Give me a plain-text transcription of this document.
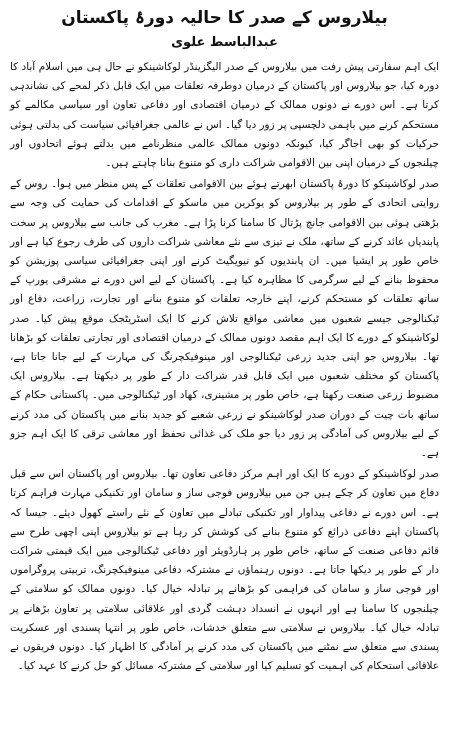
بیلاروس کے صدر کا حالیہ دورۂ پاکستان
عبدالباسط علوی

ایک اہم سفارتی پیش رفت میں بیلاروس کے صدر الیگزینڈر لوکاشینکو نے حال ہی میں اسلام آباد کا دورہ کیا، جو بیلاروس اور پاکستان کے درمیان دوطرفہ تعلقات میں ایک قابل ذکر لمحے کی نشاندہی کرتا ہے۔ اس دورے نے دونوں ممالک کے درمیان اقتصادی اور دفاعی تعاون اور سیاسی مکالمے کو مستحکم کرنے میں باہمی دلچسپی پر زور دیا گیا۔ اس نے عالمی جغرافیائی سیاست کی بدلتی ہوئی حرکیات کو بھی اجاگر کیا، کیونکہ دونوں ممالک عالمی منظرنامے میں بدلتے ہوئے اتحادوں اور چیلنجوں کے درمیان اپنی بین الاقوامی شراکت داری کو متنوع بنانا چاہتے ہیں۔

صدر لوکاشینکو کا دورۂ پاکستان ابھرتے ہوئے بین الاقوامی تعلقات کے پس منظر میں ہوا۔ روس کے روایتی اتحادی کے طور پر بیلاروس کو یوکرین میں ماسکو کے اقدامات کی حمایت کی وجہ سے بڑھتی ہوئی بین الاقوامی جانچ پڑتال کا سامنا کرنا پڑا ہے۔ مغرب کی جانب سے بیلاروس پر سخت پابندیاں عائد کرنے کے ساتھ، ملک نے تیزی سے نئے معاشی شراکت داروں کی طرف رجوع کیا ہے اور خاص طور پر ایشیا میں۔ ان پابندیوں کو نیویگیٹ کرنے اور اپنی جغرافیائی سیاسی پوزیشن کو محفوظ بنانے کے لیے سرگرمی کا مظاہرہ کیا ہے۔ پاکستان کے لیے اس دورے نے مشرقی یورپ کے ساتھ تعلقات کو مستحکم کرنے، اپنے خارجہ تعلقات کو متنوع بنانے اور تجارت، زراعت، دفاع اور ٹیکنالوجی جیسے شعبوں میں معاشی مواقع تلاش کرنے کا ایک اسٹریٹجک موقع پیش کیا۔ صدر لوکاشینکو کے دورے کا ایک اہم مقصد دونوں ممالک کے درمیان اقتصادی اور تجارتی تعلقات کو بڑھانا تھا۔ بیلاروس جو اپنی جدید زرعی ٹیکنالوجی اور مینوفیکچرنگ کی مہارت کے لیے جانا جاتا ہے، پاکستان کو مختلف شعبوں میں ایک قابل قدر شراکت دار کے طور پر دیکھتا ہے۔ بیلاروس ایک مضبوط زرعی صنعت رکھتا ہے، خاص طور پر مشینری، کھاد اور ٹیکنالوجی میں۔ پاکستانی حکام کے ساتھ بات چیت کے دوران صدر لوکاشینکو نے زرعی شعبے کو جدید بنانے میں پاکستان کی مدد کرنے کے لیے بیلاروس کی آمادگی پر زور دیا جو ملک کی غذائی تحفظ اور معاشی ترقی کا ایک اہم جزو ہے۔

صدر لوکاشینکو کے دورے کا ایک اور اہم مرکز دفاعی تعاون تھا۔ بیلاروس اور پاکستان اس سے قبل دفاع میں تعاون کر چکے ہیں جن میں بیلاروس فوجی ساز و سامان اور تکنیکی مہارت فراہم کرتا ہے۔ اس دورے نے دفاعی پیداوار اور تکنیکی تبادلے میں تعاون کے نئے راستے کھول دیئے۔ جیسا کہ پاکستان اپنے دفاعی ذرائع کو متنوع بنانے کی کوشش کر رہا ہے تو بیلاروس اپنی اچھی طرح سے قائم دفاعی صنعت کے ساتھ، خاص طور پر ہارڈویئر اور دفاعی ٹیکنالوجی میں ایک قیمتی شراکت دار کے طور پر دیکھا جاتا ہے۔ دونوں رہنماؤں نے مشترکہ دفاعی مینوفیکچرنگ، تربیتی پروگراموں اور فوجی ساز و سامان کی فراہمی کو بڑھانے پر تبادلہ خیال کیا۔ دونوں ممالک کو سلامتی کے چیلنجوں کا سامنا ہے اور انہوں نے انسداد دہشت گردی اور علاقائی سلامتی پر تعاون بڑھانے پر تبادلہ خیال کیا۔ بیلاروس نے سلامتی سے متعلق خدشات، خاص طور پر انتہا پسندی اور عسکریت پسندی سے متعلق سے نمٹنے میں پاکستان کی مدد کرنے پر آمادگی کا اظہار کیا۔ دونوں فریقوں نے علاقائی استحکام کی اہمیت کو تسلیم کیا اور سلامتی کے مشترکہ مسائل کو حل کرنے کا عہد کیا۔
